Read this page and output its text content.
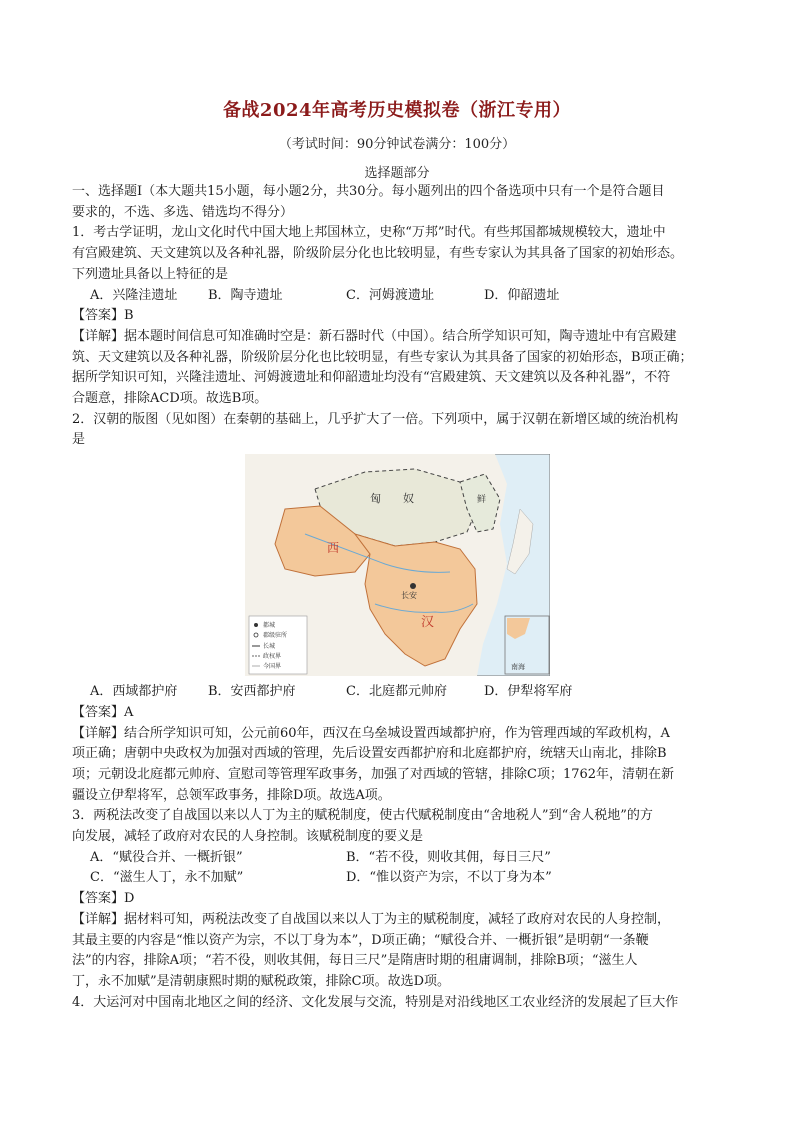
备战2024年高考历史模拟卷（浙江专用）
（考试时间：90分钟试卷满分：100分）
选择题部分

一、选择题Ⅰ（本大题共15小题，每小题2分，共30分。每小题列出的四个备选项中只有一个是符合题目

要求的，不选、多选、错选均不得分）

1．考古学证明，龙山文化时代中国大地上邦国林立，史称“万邦”时代。有些邦国都城规模较大，遗址中

有宫殿建筑、天文建筑以及各种礼器，阶级阶层分化也比较明显，有些专家认为其具备了国家的初始形态。

下列遗址具备以上特征的是

A．兴隆洼遗址	B．陶寺遗址	C．河姆渡遗址	D．仰韶遗址

【答案】B

【详解】据本题时间信息可知准确时空是：新石器时代（中国）。结合所学知识可知，陶寺遗址中有宫殿建

筑、天文建筑以及各种礼器，阶级阶层分化也比较明显，有些专家认为其具备了国家的初始形态，B项正确；

据所学知识可知，兴隆洼遗址、河姆渡遗址和仰韶遗址均没有“宫殿建筑、天文建筑以及各种礼器”，不符

合题意，排除ACD项。故选B项。

2．汉朝的版图（见如图）在秦朝的基础上，几乎扩大了一倍。下列项中，属于汉朝在新增区域的统治机构

是

西
汉
匈 奴	鲜
长安
南海
都城
郡级驻所
长城
政权界
今国界
A．西域都护府	B．安西都护府	C．北庭都元帅府	D．伊犁将军府

【答案】A

【详解】结合所学知识可知，公元前60年，西汉在乌垒城设置西域都护府，作为管理西域的军政机构，A

项正确；唐朝中央政权为加强对西域的管理，先后设置安西都护府和北庭都护府，统辖天山南北，排除B

项；元朝设北庭都元帅府、宣慰司等管理军政事务，加强了对西域的管辖，排除C项；1762年，清朝在新

疆设立伊犁将军，总领军政事务，排除D项。故选A项。

3．两税法改变了自战国以来以人丁为主的赋税制度，使古代赋税制度由“舍地税人”到“舍人税地”的方

向发展，减轻了政府对农民的人身控制。该赋税制度的要义是

A．“赋役合并、一概折银”	B．“若不役，则收其佣，每日三尺”
C．“滋生人丁，永不加赋”	D．“惟以资产为宗，不以丁身为本”

【答案】D

【详解】据材料可知，两税法改变了自战国以来以人丁为主的赋税制度，减轻了政府对农民的人身控制，

其最主要的内容是“惟以资产为宗，不以丁身为本”，D项正确；“赋役合并、一概折银”是明朝“一条鞭

法”的内容，排除A项；“若不役，则收其佣，每日三尺”是隋唐时期的租庸调制，排除B项；“滋生人

丁，永不加赋”是清朝康熙时期的赋税政策，排除C项。故选D项。

4．大运河对中国南北地区之间的经济、文化发展与交流，特别是对沿线地区工农业经济的发展起了巨大作
